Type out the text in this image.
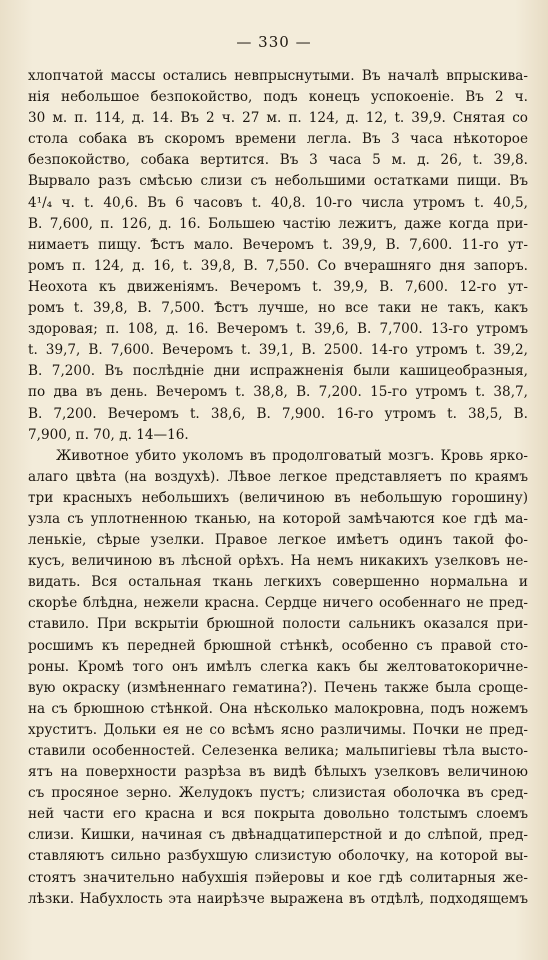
— 330 —
хлопчатой массы остались невпрыснутыми. Въ началѣ впрыскива-
нія небольшое безпокойство, подъ конецъ успокоеніе. Въ 2 ч.
30 м. п. 114, д. 14. Въ 2 ч. 27 м. п. 124, д. 12, t. 39,9. Снятая со
стола собака въ скоромъ времени легла. Въ 3 часа нѣкоторое
безпокойство, собака вертится. Въ 3 часа 5 м. д. 26, t. 39,8.
Вырвало разъ смѣсью слизи съ небольшими остатками пищи. Въ
4¹/₄ ч. t. 40,6. Въ 6 часовъ t. 40,8. 10-го числа утромъ t. 40,5,
В. 7,600, п. 126, д. 16. Большею частію лежитъ, даже когда при-
нимаетъ пищу. Ѣстъ мало. Вечеромъ t. 39,9, В. 7,600. 11-го ут-
ромъ п. 124, д. 16, t. 39,8, В. 7,550. Со вчерашняго дня запоръ.
Неохота къ движеніямъ. Вечеромъ t. 39,9, В. 7,600. 12-го ут-
ромъ t. 39,8, В. 7,500. Ѣстъ лучше, но все таки не такъ, какъ
здоровая; п. 108, д. 16. Вечеромъ t. 39,6, В. 7,700. 13-го утромъ
t. 39,7, В. 7,600. Вечеромъ t. 39,1, В. 2500. 14-го утромъ t. 39,2,
В. 7,200. Въ послѣдніе дни испражненія были кашицеобразныя,
по два въ день. Вечеромъ t. 38,8, В. 7,200. 15-го утромъ t. 38,7,
В. 7,200. Вечеромъ t. 38,6, В. 7,900. 16-го утромъ t. 38,5, В.
7,900, п. 70, д. 14—16.
Животное убито уколомъ въ продолговатый мозгъ. Кровь ярко-
алаго цвѣта (на воздухѣ). Лѣвое легкое представляетъ по краямъ
три красныхъ небольшихъ (величиною въ небольшую горошину)
узла съ уплотненною тканью, на которой замѣчаются кое гдѣ ма-
ленькіе, сѣрые узелки. Правое легкое имѣетъ одинъ такой фо-
кусъ, величиною въ лѣсной орѣхъ. На немъ никакихъ узелковъ не-
видать. Вся остальная ткань легкихъ совершенно нормальна и
скорѣе блѣдна, нежели красна. Сердце ничего особеннаго не пред-
ставило. При вскрытіи брюшной полости сальникъ оказался при-
росшимъ къ передней брюшной стѣнкѣ, особенно съ правой сто-
роны. Кромѣ того онъ имѣлъ слегка какъ бы желтоватокоричне-
вую окраску (измѣненнаго гематина?). Печень также была сроще-
на съ брюшною стѣнкой. Она нѣсколько малокровна, подъ ножемъ
хруститъ. Дольки ея не со всѣмъ ясно различимы. Почки не пред-
ставили особенностей. Селезенка велика; мальпигіевы тѣла высто-
ятъ на поверхности разрѣза въ видѣ бѣлыхъ узелковъ величиною
съ просяное зерно. Желудокъ пустъ; слизистая оболочка въ сред-
ней части его красна и вся покрыта довольно толстымъ слоемъ
слизи. Кишки, начиная съ двѣнадцатиперстной и до слѣпой, пред-
ставляютъ сильно разбухшую слизистую оболочку, на которой вы-
стоятъ значительно набухшія пэйеровы и кое гдѣ солитарныя же-
лѣзки. Набухлость эта наирѣзче выражена въ отдѣлѣ, подходящемъ
